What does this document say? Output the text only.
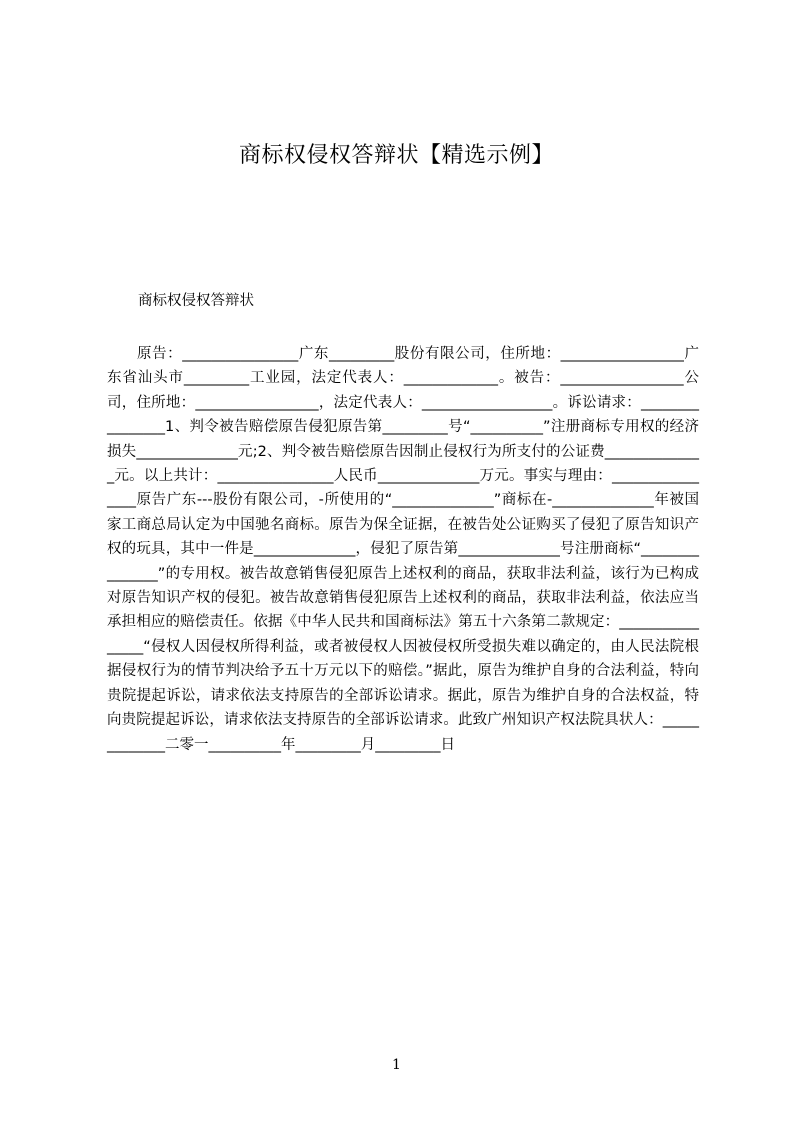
商标权侵权答辩状【精选示例】
商标权侵权答辩状

原告：________________广东_________股份有限公司，住所地：_________________广东省汕头市_________工业园，法定代表人：_____________。被告：_________________公司，住所地：_________________，法定代表人：__________________。诉讼请求：________________1、判令被告赔偿原告侵犯原告第_________号“__________”注册商标专用权的经济损失______________元;2、判令被告赔偿原告因制止侵权行为所支付的公证费______________元。以上共计：________________人民币______________万元。事实与理由：________________原告广东---股份有限公司，-所使用的“______________”商标在-______________年被国家工商总局认定为中国驰名商标。原告为保全证据，在被告处公证购买了侵犯了原告知识产权的玩具，其中一件是______________，侵犯了原告第______________号注册商标“_______________”的专用权。被告故意销售侵犯原告上述权利的商品，获取非法利益，该行为已构成对原告知识产权的侵犯。被告故意销售侵犯原告上述权利的商品，获取非法利益，依法应当承担相应的赔偿责任。依据《中华人民共和国商标法》第五十六条第二款规定：________________“侵权人因侵权所得利益，或者被侵权人因被侵权所受损失难以确定的，由人民法院根据侵权行为的情节判决给予五十万元以下的赔偿。”据此，原告为维护自身的合法利益，特向贵院提起诉讼，请求依法支持原告的全部诉讼请求。据此，原告为维护自身的合法权益，特向贵院提起诉讼，请求依法支持原告的全部诉讼请求。此致广州知识产权法院具状人：_____________二零一__________年_________月_________日

1
